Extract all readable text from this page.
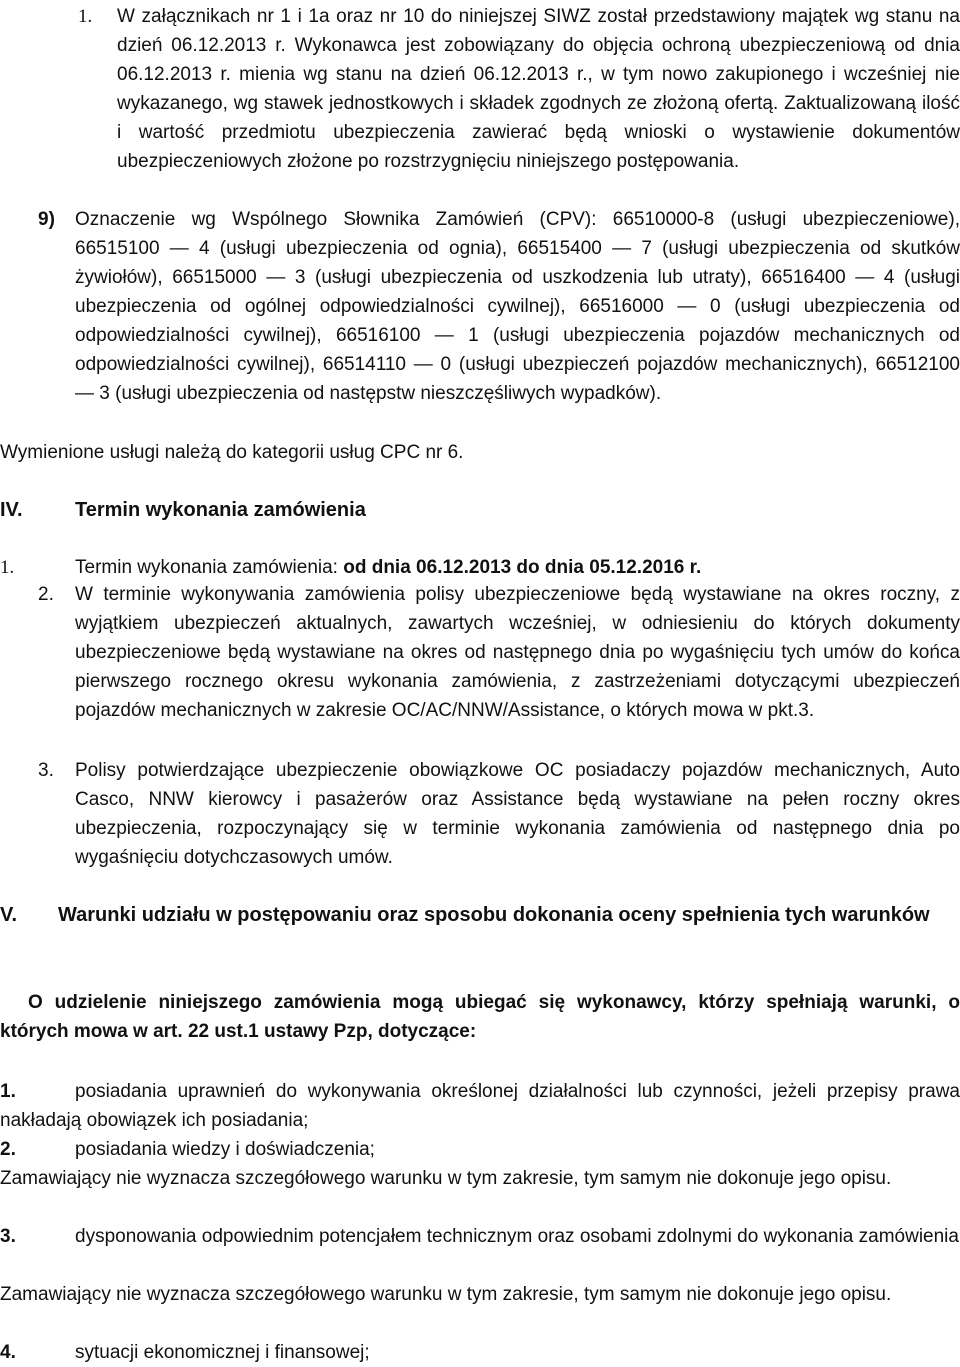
1. W załącznikach nr 1 i 1a oraz nr 10 do niniejszej SIWZ został przedstawiony majątek wg stanu na dzień 06.12.2013 r. Wykonawca jest zobowiązany do objęcia ochroną ubezpieczeniową od dnia 06.12.2013 r. mienia wg stanu na dzień 06.12.2013 r., w tym nowo zakupionego i wcześniej nie wykazanego, wg stawek jednostkowych i składek zgodnych ze złożoną ofertą. Zaktualizowaną ilość i wartość przedmiotu ubezpieczenia zawierać będą wnioski o wystawienie dokumentów ubezpieczeniowych złożone po rozstrzygnięciu niniejszego postępowania.
9) Oznaczenie wg Wspólnego Słownika Zamówień (CPV): 66510000-8 (usługi ubezpieczeniowe), 66515100 — 4 (usługi ubezpieczenia od ognia), 66515400 — 7 (usługi ubezpieczenia od skutków żywiołów), 66515000 — 3 (usługi ubezpieczenia od uszkodzenia lub utraty), 66516400 — 4 (usługi ubezpieczenia od ogólnej odpowiedzialności cywilnej), 66516000 — 0 (usługi ubezpieczenia od odpowiedzialności cywilnej), 66516100 — 1 (usługi ubezpieczenia pojazdów mechanicznych od odpowiedzialności cywilnej), 66514110 — 0 (usługi ubezpieczeń pojazdów mechanicznych), 66512100 — 3 (usługi ubezpieczenia od następstw nieszczęśliwych wypadków).
Wymienione usługi należą do kategorii usług CPC nr 6.
IV.	Termin wykonania zamówienia
1.	Termin wykonania zamówienia: od dnia 06.12.2013 do dnia 05.12.2016 r.
2. W terminie wykonywania zamówienia polisy ubezpieczeniowe będą wystawiane na okres roczny, z wyjątkiem ubezpieczeń aktualnych, zawartych wcześniej, w odniesieniu do których dokumenty ubezpieczeniowe będą wystawiane na okres od następnego dnia po wygaśnięciu tych umów do końca pierwszego rocznego okresu wykonania zamówienia, z zastrzeżeniami dotyczącymi ubezpieczeń pojazdów mechanicznych w zakresie OC/AC/NNW/Assistance, o których mowa w pkt.3.
3. Polisy potwierdzające ubezpieczenie obowiązkowe OC posiadaczy pojazdów mechanicznych, Auto Casco, NNW kierowcy i pasażerów oraz Assistance będą wystawiane na pełen roczny okres ubezpieczenia, rozpoczynający się w terminie wykonania zamówienia od następnego dnia po wygaśnięciu dotychczasowych umów.
V. Warunki udziału w postępowaniu oraz sposobu dokonania oceny spełnienia tych warunków
O udzielenie niniejszego zamówienia mogą ubiegać się wykonawcy, którzy spełniają warunki, o których mowa w art. 22 ust.1 ustawy Pzp, dotyczące:
1.	posiadania uprawnień do wykonywania określonej działalności lub czynności, jeżeli przepisy prawa nakładają obowiązek ich posiadania;
2.	posiadania wiedzy i doświadczenia;
Zamawiający nie wyznacza szczegółowego warunku w tym zakresie, tym samym nie dokonuje jego opisu.
3.	dysponowania odpowiednim potencjałem technicznym oraz osobami zdolnymi do wykonania zamówienia
Zamawiający nie wyznacza szczegółowego warunku w tym zakresie, tym samym nie dokonuje jego opisu.
4.	sytuacji ekonomicznej i finansowej;
